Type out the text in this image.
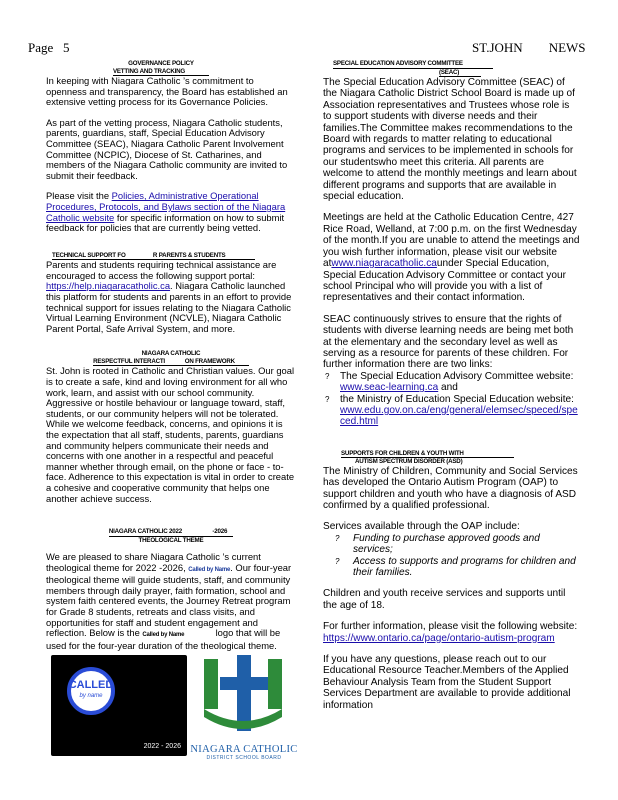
Page 5	ST.JOHN NEWS
GOVERNANCE POLICY
VETTING AND TRACKING

In keeping with Niagara Catholic ’s commitment to openness and transparency, the Board has established an extensive vetting process for its Governance Policies.

As part of the vetting process, Niagara Catholic students, parents, guardians, staff, Special Education Advisory Committee (SEAC), Niagara Catholic Parent Involvement Committee (NCPIC), Diocese of St. Catharines, and members of the Niagara Catholic community are invited to submit their feedback.

Please visit the Policies, Administrative Operational Procedures, Protocols, and Bylaws section of the Niagara Catholic website for specific information on how to submit feedback for policies that are currently being vetted.

TECHNICAL SUPPORT FO	R PARENTS & STUDENTS

Parents and students requiring technical assistance are encouraged to access the following support portal: https://help.niagaracatholic.ca. Niagara Catholic launched this platform for students and parents in an effort to provide technical support for issues relating to the Niagara Catholic Virtual Learning Environment (NCVLE), Niagara Catholic Parent Portal, Safe Arrival System, and more.

NIAGARA CATHOLIC
RESPECTFUL INTERACTI	ON FRAMEWORK

St. John is rooted in Catholic and Christian values. Our goal is to create a safe, kind and loving environment for all who work, learn, and assist with our school community. Aggressive or hostile behaviour or language toward, staff, students, or our community helpers will not be tolerated. While we welcome feedback, concerns, and opinions it is the expectation that all staff, students, parents, guardians and community helpers communicate their needs and concerns with one another in a respectful and peaceful manner whether through email, on the phone or face - to-face. Adherence to this expectation is vital in order to create a cohesive and cooperative community that helps one another achieve success.

NIAGARA CATHOLIC 2022	-2026
THEOLOGICAL THEME

We are pleased to share Niagara Catholic ’s current theological theme for 2022 -2026, Called by Name. Our four-year theological theme will guide students, staff, and community members through daily prayer, faith formation, school and system faith centered events, the Journey Retreat program for Grade 8 students, retreats and class visits, and opportunities for staff and student engagement and reflection. Below is the Called by Name	logo that will be used for the four-year duration of the theological theme.

CALLED
by name
2022 - 2026 NIAGARA CATHOLIC
DISTRICT SCHOOL BOARD
SPECIAL EDUCATION ADVISORY COMMITTEE
(SEAC)

The Special Education Advisory Committee (SEAC) of the Niagara Catholic District School Board is made up of Association representatives and Trustees whose role is to support students with diverse needs and their families.The Committee makes recommendations to the Board with regards to matter relating to educational programs and services to be implemented in schools for our studentswho meet this criteria. All parents are welcome to attend the monthly meetings and learn about different programs and supports that are available in special education.

Meetings are held at the Catholic Education Centre, 427 Rice Road, Welland, at 7:00 p.m. on the first Wednesday of the month.If you are unable to attend the meetings and you wish further information, please visit our website atwww.niagaracatholic.caunder Special Education, Special Education Advisory Committee or contact your school Principal who will provide you with a list of representatives and their contact information.

SEAC continuously strives to ensure that the rights of students with diverse learning needs are being met both at the elementary and the secondary level as well as serving as a resource for parents of these children. For further information there are two links:

? The Special Education Advisory Committee website: www.seac-learning.ca and
? the Ministry of Education Special Education website: www.edu.gov.on.ca/eng/general/elemsec/speced/speced.html
SUPPORTS FOR CHILDREN & YOUTH WITH
AUTISM SPECTRUM DISORDER (ASD)

The Ministry of Children, Community and Social Services has developed the Ontario Autism Program (OAP) to support children and youth who have a diagnosis of ASD confirmed by a qualified professional.

Services available through the OAP include:

? Funding to purchase approved goods and services;
? Access to supports and programs for children and their families.

Children and youth receive services and supports until the age of 18.

For further information, please visit the following website:

https://www.ontario.ca/page/ontario-autism-program

If you have any questions, please reach out to our Educational Resource Teacher.Members of the Applied Behaviour Analysis Team from the Student Support Services Department are available to provide additional information
